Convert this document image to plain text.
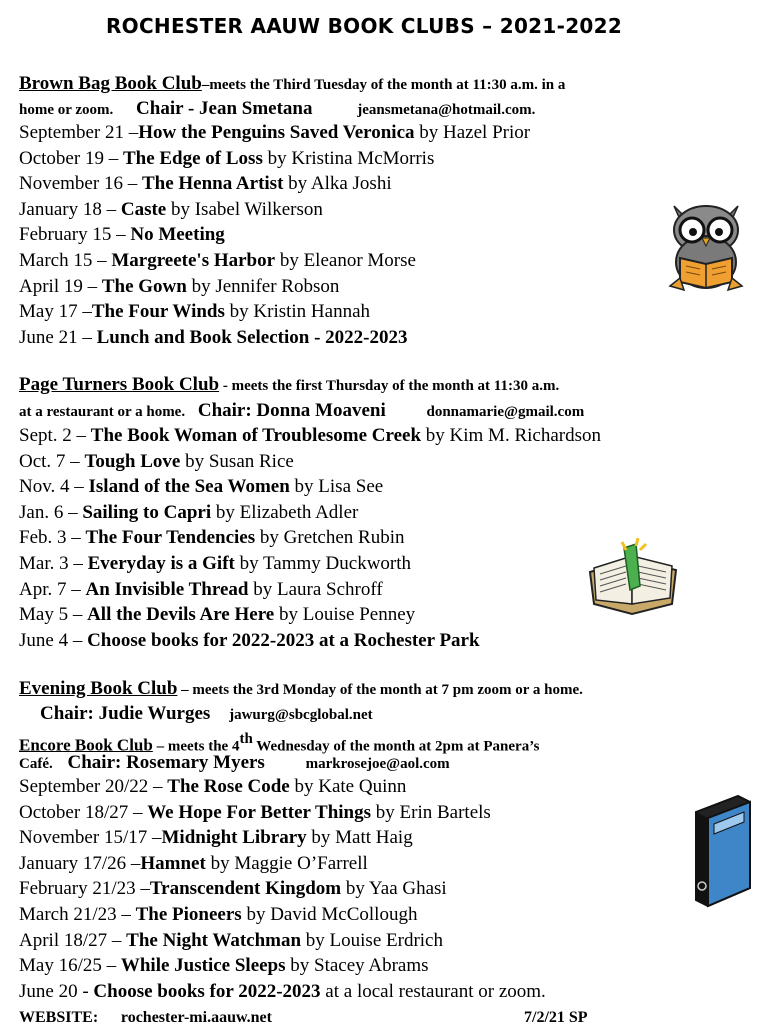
ROCHESTER AAUW BOOK CLUBS – 2021-2022
Brown Bag Book Club–meets the Third Tuesday of the month at 11:30 a.m. in a
home or zoom. Chair - Jean Smetana	jeansmetana@hotmail.com.
September 21 –How the Penguins Saved Veronica by Hazel Prior
October 19 – The Edge of Loss by Kristina McMorris
November 16 – The Henna Artist by Alka Joshi
January 18 – Caste by Isabel Wilkerson
February 15 – No Meeting
March 15 – Margreete's Harbor by Eleanor Morse
April 19 – The Gown by Jennifer Robson
May 17 –The Four Winds by Kristin Hannah
June 21 – Lunch and Book Selection - 2022-2023
Page Turners Book Club - meets the first Thursday of the month at 11:30 a.m.
at a restaurant or a home. Chair: Donna Moaveni	donnamarie@gmail.com
Sept. 2 – The Book Woman of Troublesome Creek by Kim M. Richardson
Oct. 7 – Tough Love by Susan Rice
Nov. 4 – Island of the Sea Women by Lisa See
Jan. 6 – Sailing to Capri by Elizabeth Adler
Feb. 3 – The Four Tendencies by Gretchen Rubin
Mar. 3 – Everyday is a Gift by Tammy Duckworth
Apr. 7 – An Invisible Thread by Laura Schroff
May 5 – All the Devils Are Here by Louise Penney
June 4 – Choose books for 2022-2023 at a Rochester Park
Evening Book Club – meets the 3rd Monday of the month at 7 pm zoom or a home.
Chair: Judie Wurges jawurg@sbcglobal.net
Encore Book Club – meets the 4th Wednesday of the month at 2pm at Panera’s
Café. Chair: Rosemary Myers	markrosejoe@aol.com
September 20/22 – The Rose Code by Kate Quinn
October 18/27 – We Hope For Better Things by Erin Bartels
November 15/17 –Midnight Library by Matt Haig
January 17/26 –Hamnet by Maggie O’Farrell
February 21/23 –Transcendent Kingdom by Yaa Ghasi
March 21/23 – The Pioneers by David McCollough
April 18/27 – The Night Watchman by Louise Erdrich
May 16/25 – While Justice Sleeps by Stacey Abrams
June 20 - Choose books for 2022-2023 at a local restaurant or zoom.
WEBSITE: rochester-mi.aauw.net	7/2/21 SP
